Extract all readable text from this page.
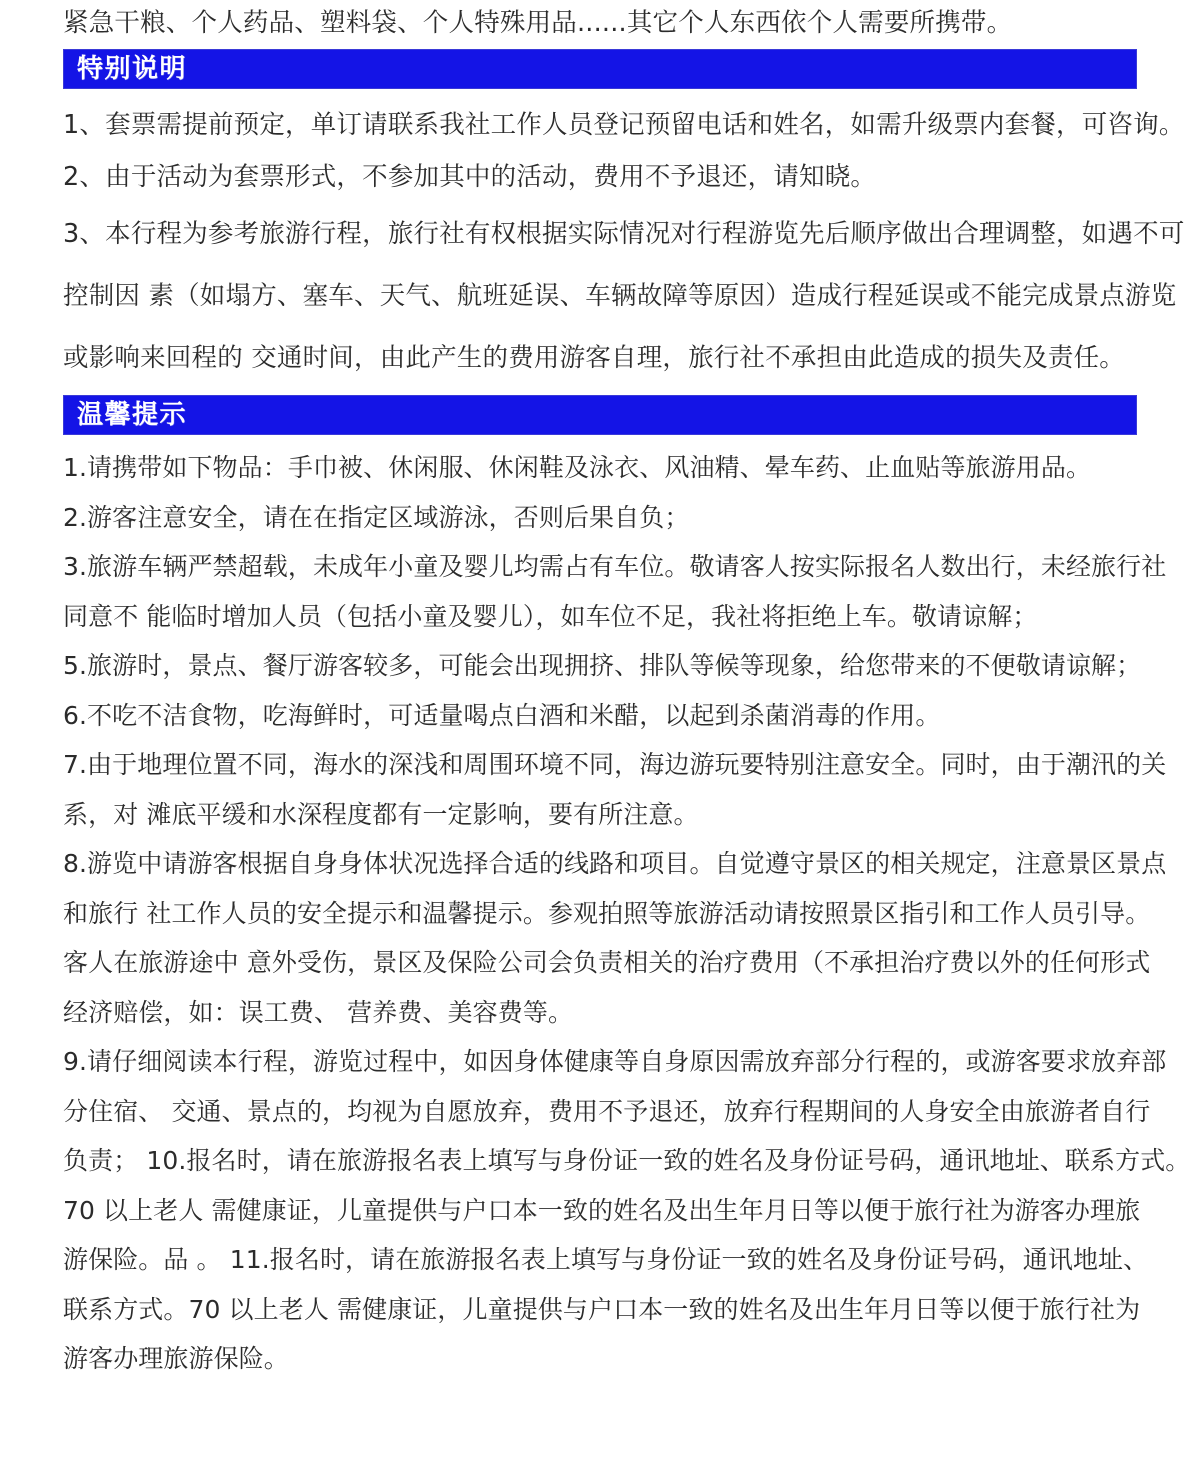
紧急干粮、个人药品、塑料袋、个人特殊用品......其它个人东西依个人需要所携带。
特别说明
1、套票需提前预定，单订请联系我社工作人员登记预留电话和姓名，如需升级票内套餐，可咨询。
2、由于活动为套票形式，不参加其中的活动，费用不予退还，请知晓。
3、本行程为参考旅游行程，旅行社有权根据实际情况对行程游览先后顺序做出合理调整，如遇不可
控制因 素（如塌方、塞车、天气、航班延误、车辆故障等原因）造成行程延误或不能完成景点游览
或影响来回程的 交通时间，由此产生的费用游客自理，旅行社不承担由此造成的损失及责任。
温馨提示
1.请携带如下物品：手巾被、休闲服、休闲鞋及泳衣、风油精、晕车药、止血贴等旅游用品。
2.游客注意安全，请在在指定区域游泳，否则后果自负；
3.旅游车辆严禁超载，未成年小童及婴儿均需占有车位。敬请客人按实际报名人数出行，未经旅行社
同意不 能临时增加人员（包括小童及婴儿），如车位不足，我社将拒绝上车。敬请谅解；
5.旅游时，景点、餐厅游客较多，可能会出现拥挤、排队等候等现象，给您带来的不便敬请谅解；
6.不吃不洁食物，吃海鲜时，可适量喝点白酒和米醋，以起到杀菌消毒的作用。
7.由于地理位置不同，海水的深浅和周围环境不同，海边游玩要特别注意安全。同时，由于潮汛的关
系，对 滩底平缓和水深程度都有一定影响，要有所注意。
8.游览中请游客根据自身身体状况选择合适的线路和项目。自觉遵守景区的相关规定，注意景区景点
和旅行 社工作人员的安全提示和温馨提示。参观拍照等旅游活动请按照景区指引和工作人员引导。
客人在旅游途中 意外受伤，景区及保险公司会负责相关的治疗费用（不承担治疗费以外的任何形式
经济赔偿，如：误工费、 营养费、美容费等。
9.请仔细阅读本行程，游览过程中，如因身体健康等自身原因需放弃部分行程的，或游客要求放弃部
分住宿、 交通、景点的，均视为自愿放弃，费用不予退还，放弃行程期间的人身安全由旅游者自行
负责； 10.报名时，请在旅游报名表上填写与身份证一致的姓名及身份证号码，通讯地址、联系方式。
70 以上老人 需健康证，儿童提供与户口本一致的姓名及出生年月日等以便于旅行社为游客办理旅
游保险。品 。 11.报名时，请在旅游报名表上填写与身份证一致的姓名及身份证号码，通讯地址、
联系方式。70 以上老人 需健康证，儿童提供与户口本一致的姓名及出生年月日等以便于旅行社为
游客办理旅游保险。
